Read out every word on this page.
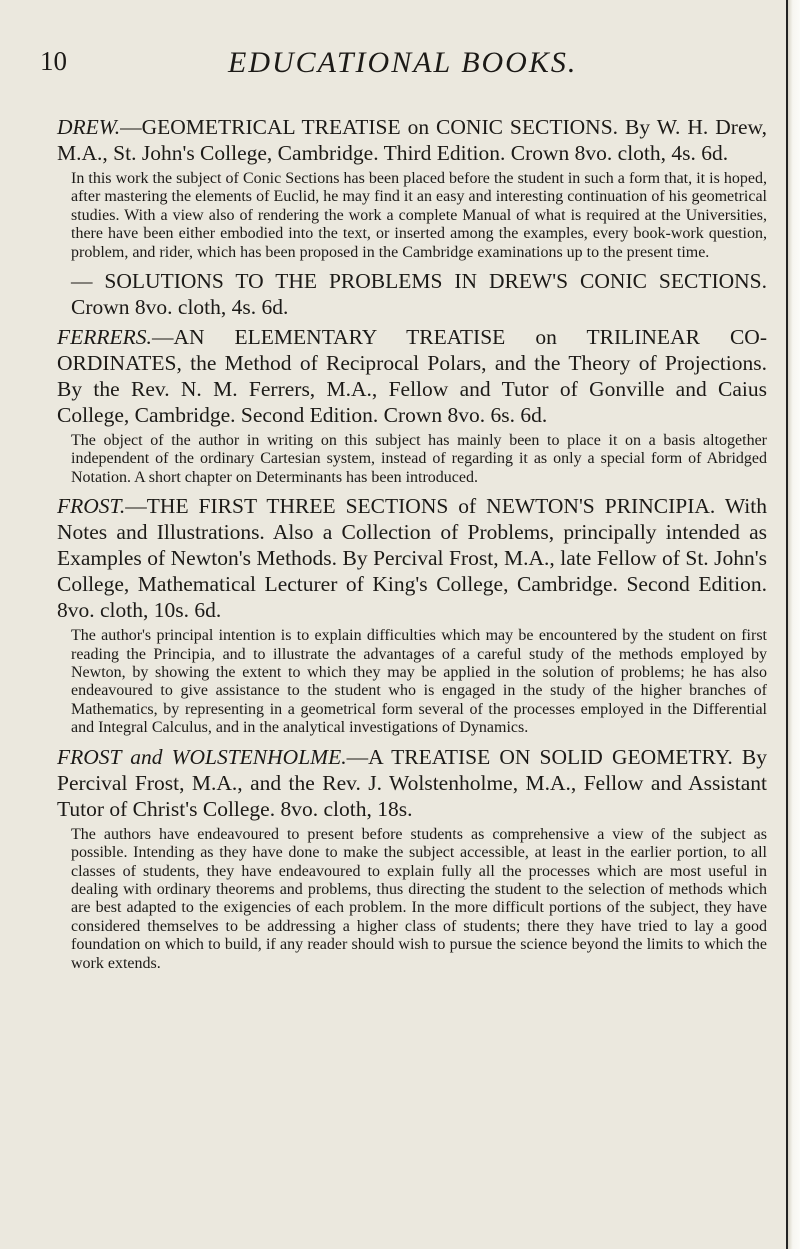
10	EDUCATIONAL BOOKS.

DREW.—GEOMETRICAL TREATISE on CONIC SECTIONS. By W. H. Drew, M.A., St. John's College, Cambridge. Third Edition. Crown 8vo. cloth, 4s. 6d.

In this work the subject of Conic Sections has been placed before the student in such a form that, it is hoped, after mastering the elements of Euclid, he may find it an easy and interesting continuation of his geometrical studies. With a view also of rendering the work a complete Manual of what is required at the Universities, there have been either embodied into the text, or inserted among the examples, every book-work question, problem, and rider, which has been proposed in the Cambridge examinations up to the present time.

— SOLUTIONS TO THE PROBLEMS IN DREW'S CONIC SECTIONS. Crown 8vo. cloth, 4s. 6d.

FERRERS.—AN ELEMENTARY TREATISE on TRILINEAR CO-ORDINATES, the Method of Reciprocal Polars, and the Theory of Projections. By the Rev. N. M. Ferrers, M.A., Fellow and Tutor of Gonville and Caius College, Cambridge. Second Edition. Crown 8vo. 6s. 6d.

The object of the author in writing on this subject has mainly been to place it on a basis altogether independent of the ordinary Cartesian system, instead of regarding it as only a special form of Abridged Notation. A short chapter on Determinants has been introduced.

FROST.—THE FIRST THREE SECTIONS of NEWTON'S PRINCIPIA. With Notes and Illustrations. Also a Collection of Problems, principally intended as Examples of Newton's Methods. By Percival Frost, M.A., late Fellow of St. John's College, Mathematical Lecturer of King's College, Cambridge. Second Edition. 8vo. cloth, 10s. 6d.

The author's principal intention is to explain difficulties which may be encountered by the student on first reading the Principia, and to illustrate the advantages of a careful study of the methods employed by Newton, by showing the extent to which they may be applied in the solution of problems; he has also endeavoured to give assistance to the student who is engaged in the study of the higher branches of Mathematics, by representing in a geometrical form several of the processes employed in the Differential and Integral Calculus, and in the analytical investigations of Dynamics.

FROST and WOLSTENHOLME.—A TREATISE ON SOLID GEOMETRY. By Percival Frost, M.A., and the Rev. J. Wolstenholme, M.A., Fellow and Assistant Tutor of Christ's College. 8vo. cloth, 18s.

The authors have endeavoured to present before students as comprehensive a view of the subject as possible. Intending as they have done to make the subject accessible, at least in the earlier portion, to all classes of students, they have endeavoured to explain fully all the processes which are most useful in dealing with ordinary theorems and problems, thus directing the student to the selection of methods which are best adapted to the exigencies of each problem. In the more difficult portions of the subject, they have considered themselves to be addressing a higher class of students; there they have tried to lay a good foundation on which to build, if any reader should wish to pursue the science beyond the limits to which the work extends.
